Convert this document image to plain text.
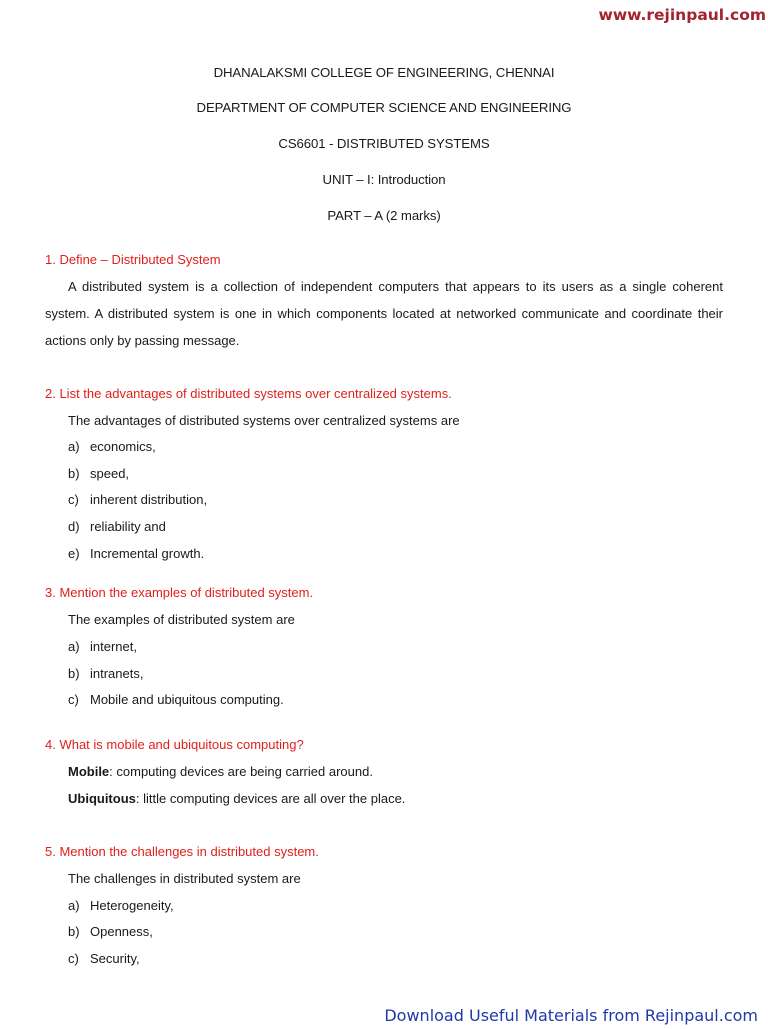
www.rejinpaul.com
DHANALAKSMI COLLEGE OF ENGINEERING, CHENNAI
DEPARTMENT OF COMPUTER SCIENCE AND ENGINEERING
CS6601 - DISTRIBUTED SYSTEMS
UNIT – I: Introduction
PART – A (2 marks)
1. Define – Distributed System
A distributed system is a collection of independent computers that appears to its users as a single coherent system. A distributed system is one in which components located at networked communicate and coordinate their actions only by passing message.
2. List the advantages of distributed systems over centralized systems.
The advantages of distributed systems over centralized systems are
a) economics,
b) speed,
c) inherent distribution,
d) reliability and
e) Incremental growth.
3. Mention the examples of distributed system.
The examples of distributed system are
a) internet,
b) intranets,
c) Mobile and ubiquitous computing.
4. What is mobile and ubiquitous computing?
Mobile: computing devices are being carried around.
Ubiquitous: little computing devices are all over the place.
5. Mention the challenges in distributed system.
The challenges in distributed system are
a) Heterogeneity,
b) Openness,
c) Security,
Download Useful Materials from Rejinpaul.com
